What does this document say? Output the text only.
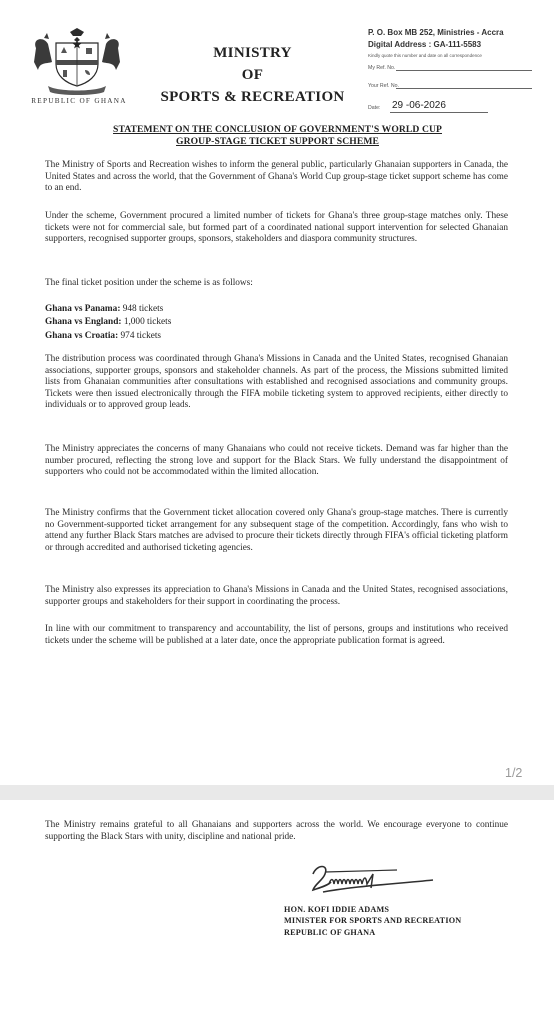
REPUBLIC OF GHANA
MINISTRY
OF
SPORTS & RECREATION
P. O. Box MB 252, Ministries - Accra
Digital Address : GA-111-5583
Kindly quote this number and date on all correspondence
My Ref. No.
Your Ref. No.
Date: 29 -06-2026
STATEMENT ON THE CONCLUSION OF GOVERNMENT'S WORLD CUP
GROUP-STAGE TICKET SUPPORT SCHEME
The Ministry of Sports and Recreation wishes to inform the general public, particularly Ghanaian supporters in Canada, the United States and across the world, that the Government of Ghana's World Cup group-stage ticket support scheme has come to an end.
Under the scheme, Government procured a limited number of tickets for Ghana's three group-stage matches only. These tickets were not for commercial sale, but formed part of a coordinated national support intervention for selected Ghanaian supporters, recognised supporter groups, sponsors, stakeholders and diaspora community structures.
The final ticket position under the scheme is as follows:
Ghana vs Panama: 948 tickets
Ghana vs England: 1,000 tickets
Ghana vs Croatia: 974 tickets
The distribution process was coordinated through Ghana's Missions in Canada and the United States, recognised Ghanaian associations, supporter groups, sponsors and stakeholder channels. As part of the process, the Missions submitted limited lists from Ghanaian communities after consultations with established and recognised associations and community groups. Tickets were then issued electronically through the FIFA mobile ticketing system to approved recipients, either directly to individuals or to approved group leads.
The Ministry appreciates the concerns of many Ghanaians who could not receive tickets. Demand was far higher than the number procured, reflecting the strong love and support for the Black Stars. We fully understand the disappointment of supporters who could not be accommodated within the limited allocation.
The Ministry confirms that the Government ticket allocation covered only Ghana's group-stage matches. There is currently no Government-supported ticket arrangement for any subsequent stage of the competition. Accordingly, fans who wish to attend any further Black Stars matches are advised to procure their tickets directly through FIFA's official ticketing platform or through accredited and authorised ticketing agencies.
The Ministry also expresses its appreciation to Ghana's Missions in Canada and the United States, recognised associations, supporter groups and stakeholders for their support in coordinating the process.
In line with our commitment to transparency and accountability, the list of persons, groups and institutions who received tickets under the scheme will be published at a later date, once the appropriate publication format is agreed.
1/2
The Ministry remains grateful to all Ghanaians and supporters across the world. We encourage everyone to continue supporting the Black Stars with unity, discipline and national pride.
HON. KOFI IDDIE ADAMS
MINISTER FOR SPORTS AND RECREATION
REPUBLIC OF GHANA
